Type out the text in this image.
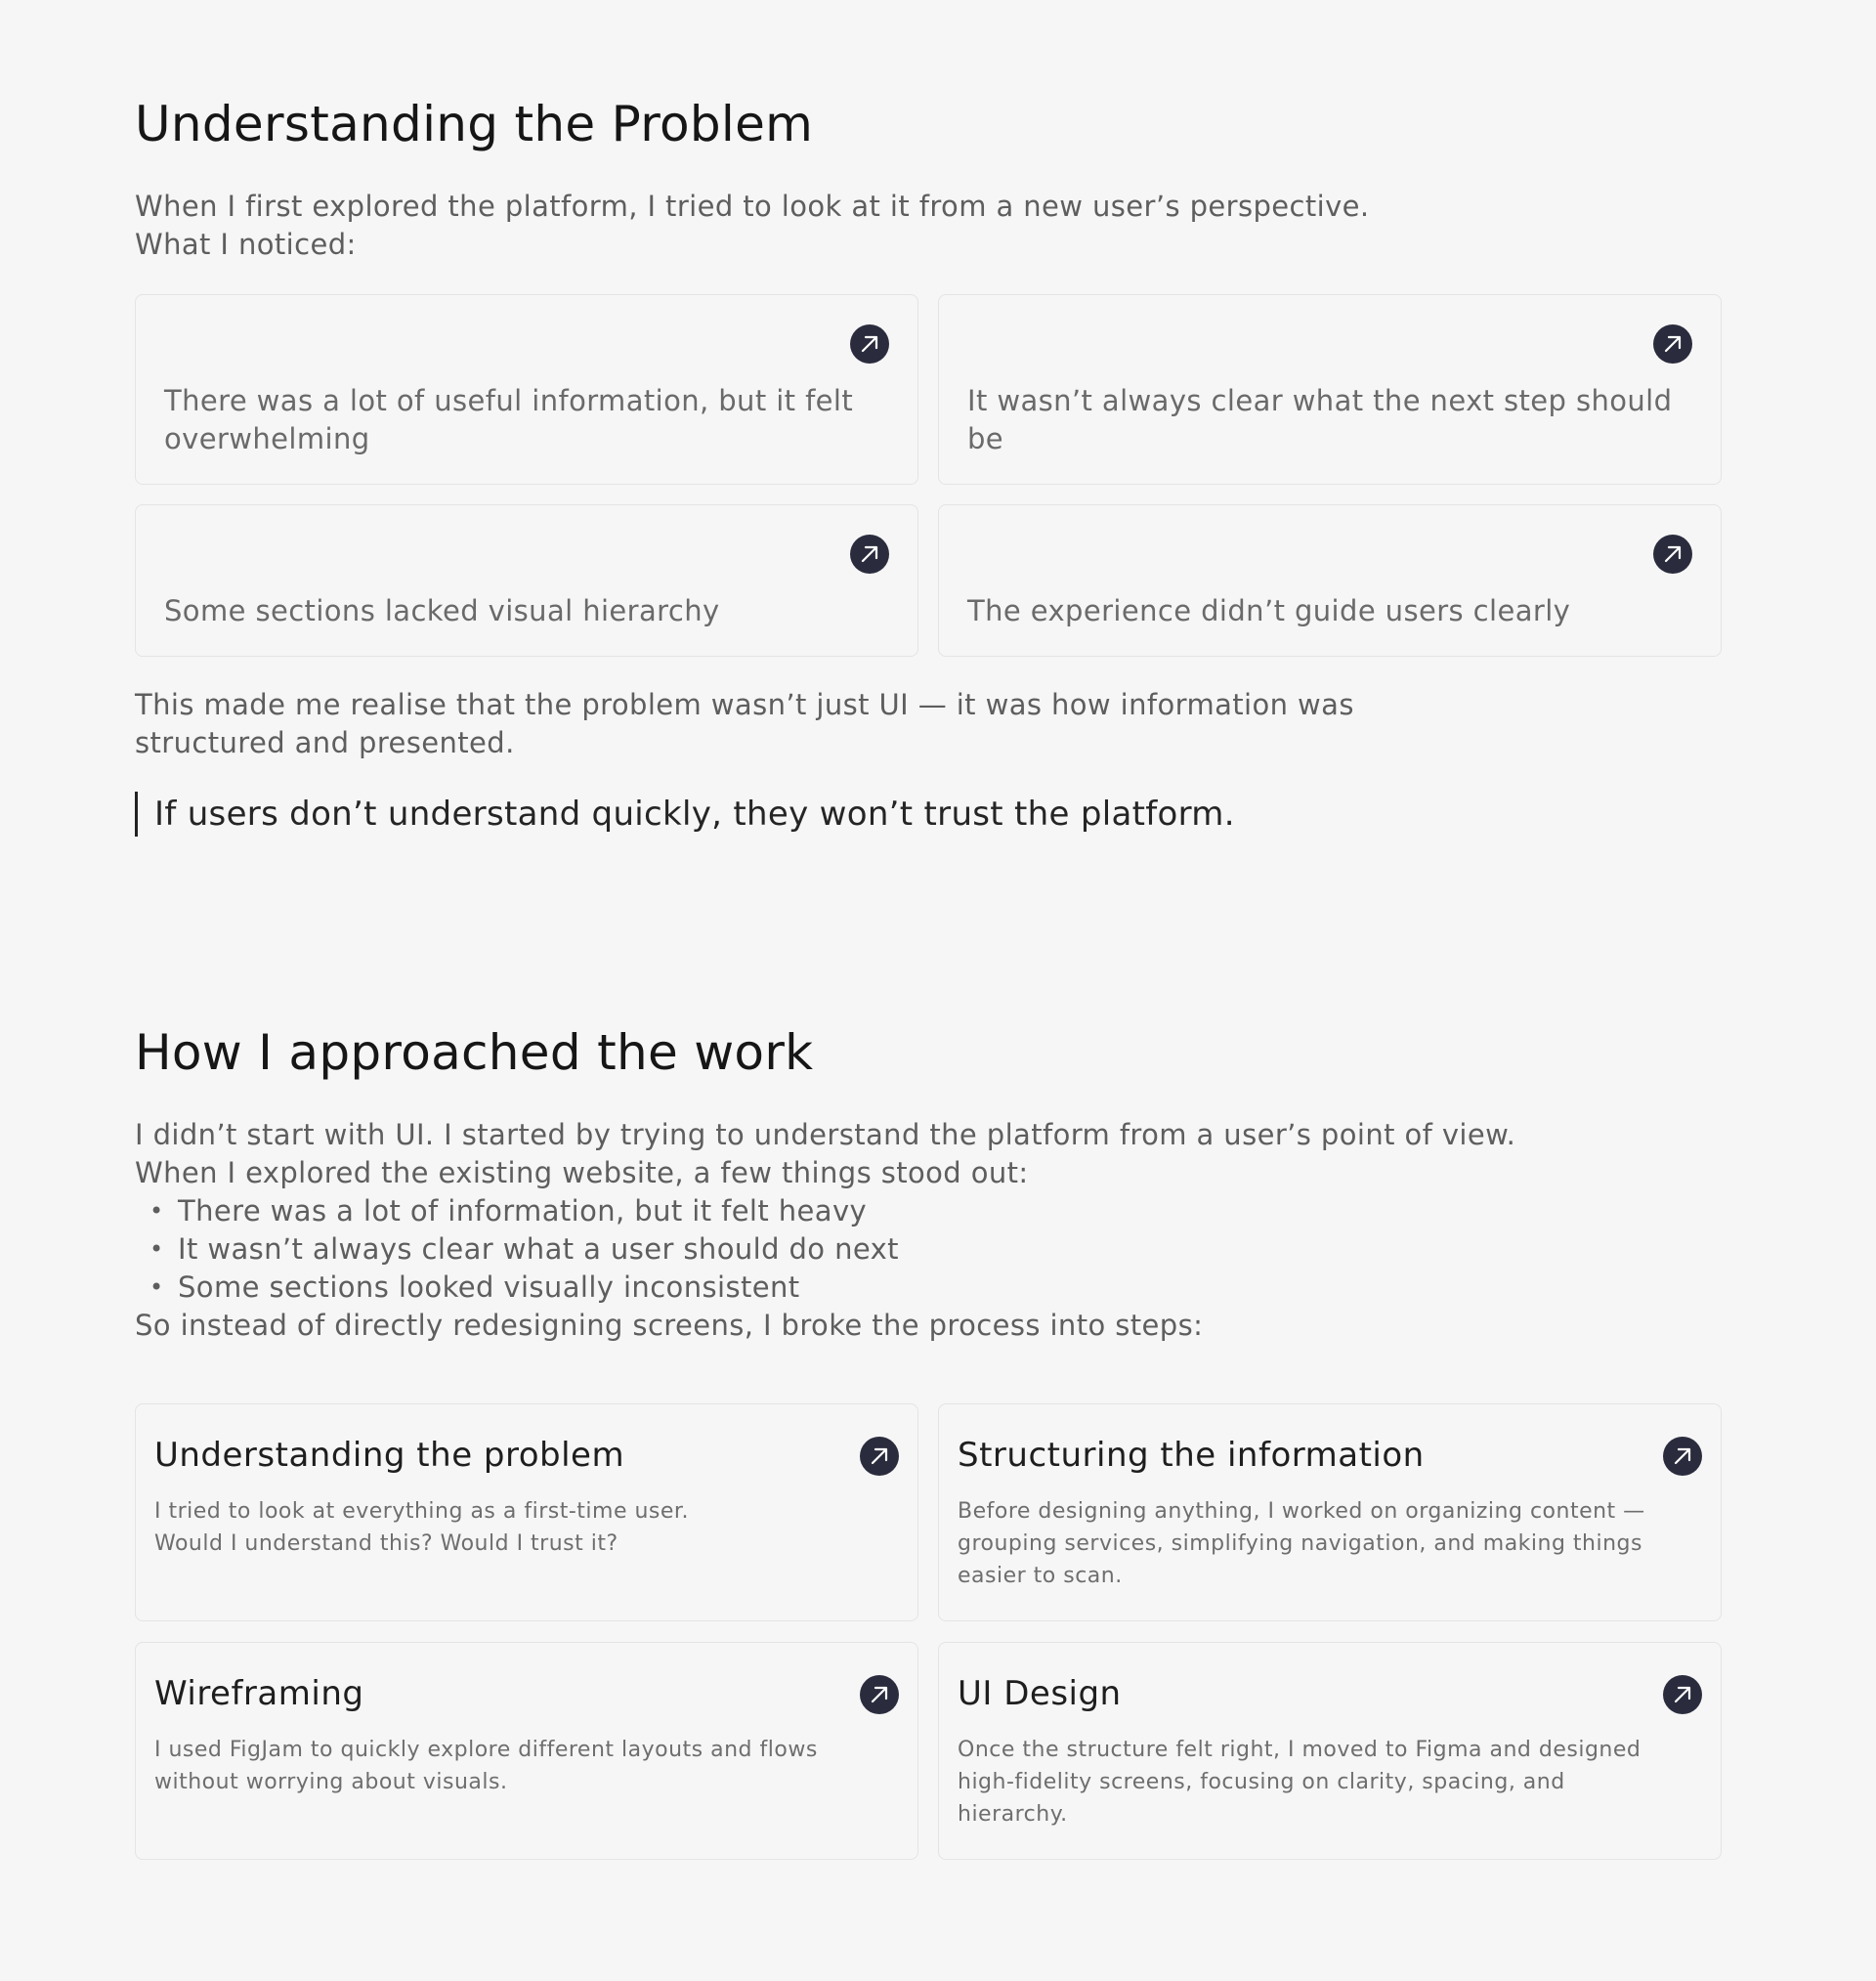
Understanding the Problem
When I first explored the platform, I tried to look at it from a new user’s perspective.
What I noticed:
There was a lot of useful information, but it felt overwhelming
It wasn’t always clear what the next step should be
Some sections lacked visual hierarchy	The experience didn’t guide users clearly
This made me realise that the problem wasn’t just UI — it was how information was
structured and presented.
If users don’t understand quickly, they won’t trust the platform.
How I approached the work
I didn’t start with UI. I started by trying to understand the platform from a user’s point of view.
When I explored the existing website, a few things stood out:
• There was a lot of information, but it felt heavy
• It wasn’t always clear what a user should do next
• Some sections looked visually inconsistent
So instead of directly redesigning screens, I broke the process into steps:
Understanding the problem
I tried to look at everything as a first-time user.
Would I understand this? Would I trust it?
Structuring the information
Before designing anything, I worked on organizing content — grouping services, simplifying navigation, and making things easier to scan.
Wireframing
I used FigJam to quickly explore different layouts and flows without worrying about visuals.
UI Design
Once the structure felt right, I moved to Figma and designed high-fidelity screens, focusing on clarity, spacing, and hierarchy.
